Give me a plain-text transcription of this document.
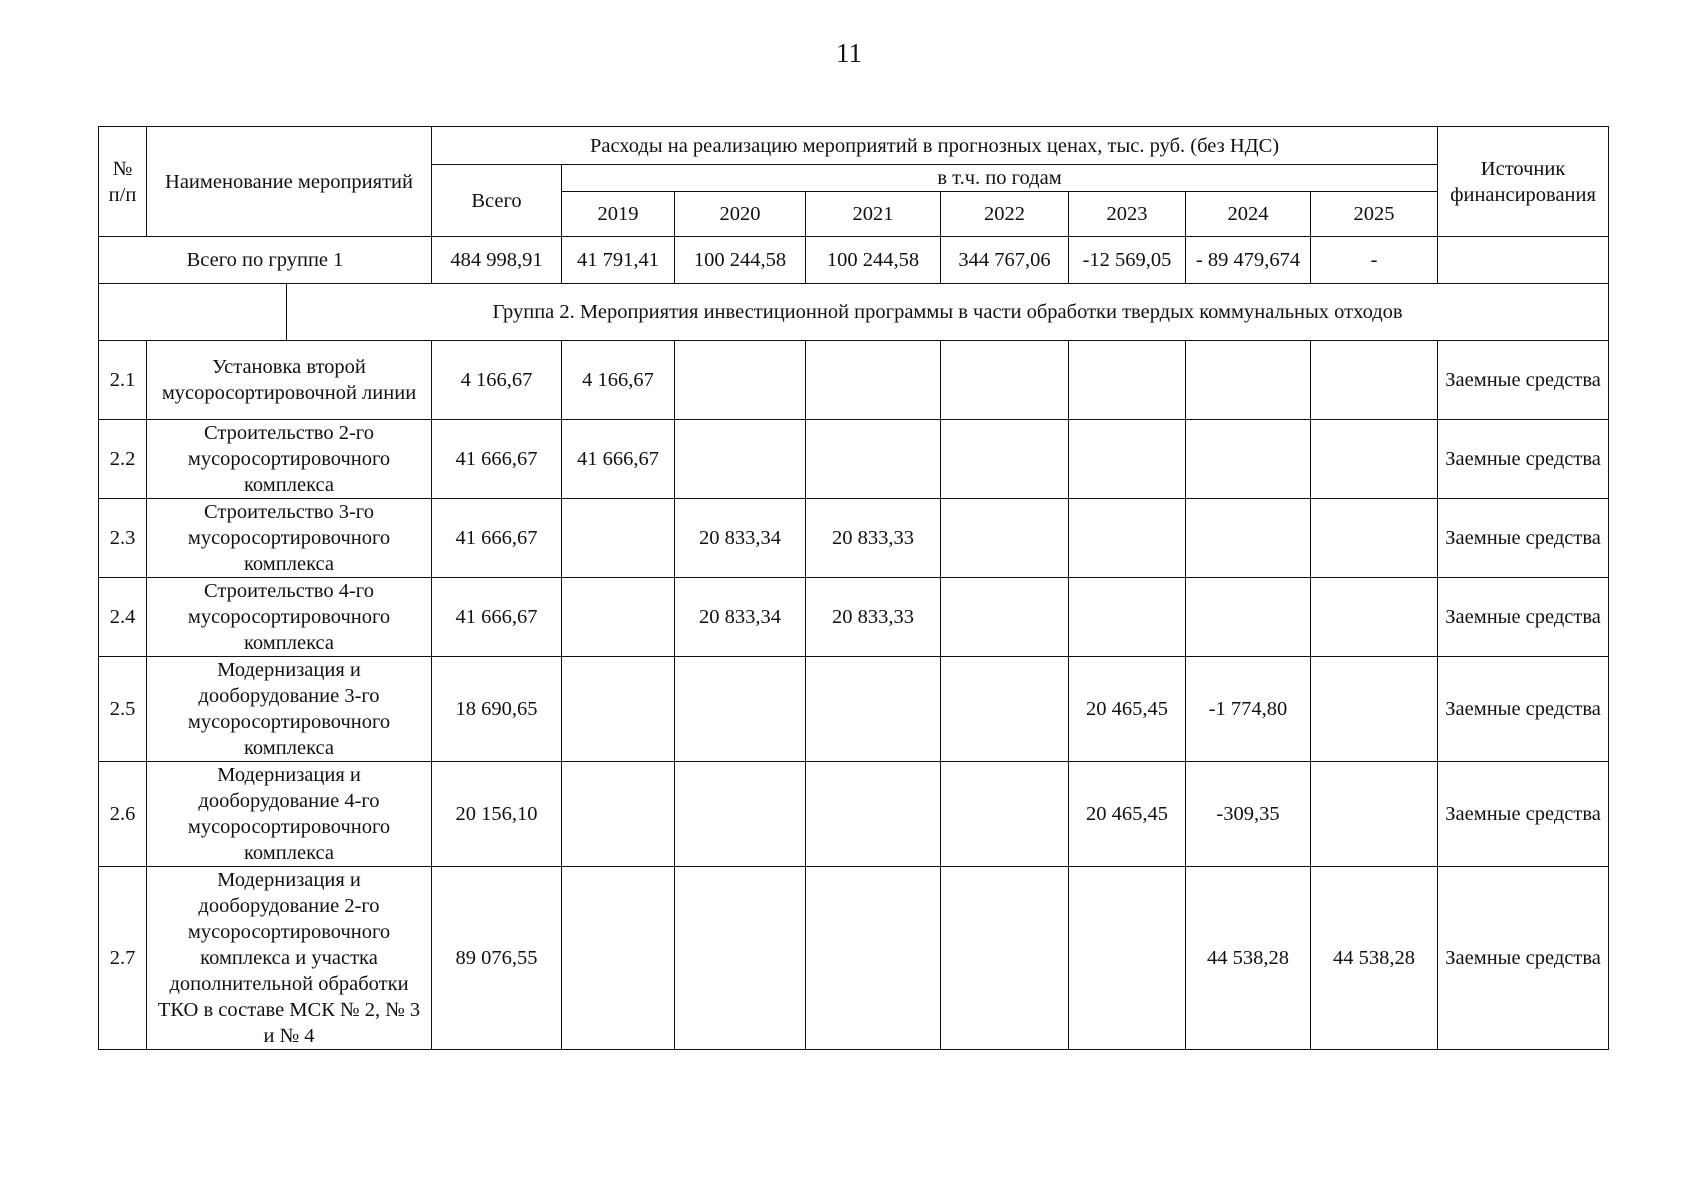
11
№ п/п	Наименование мероприятий	Расходы на реализацию мероприятий в прогнозных ценах, тыс. руб. (без НДС)								Источник финансирования
		Всего	в т.ч. по годам							
			2019	2020	2021	2022	2023	2024	2025	
Всего по группе 1		484 998,91	41 791,41	100 244,58	100 244,58	344 767,06	-12 569,05	- 89 479,674	-	

Группа 2. Мероприятия инвестиционной программы в части обработки твердых коммунальных отходов										

2.1	Установка второй мусоросортировочной линии	4 166,67	4 166,67							Заемные средства
2.2	Строительство 2-го мусоросортировочного комплекса	41 666,67	41 666,67							Заемные средства
2.3	Строительство 3-го мусоросортировочного комплекса	41 666,67		20 833,34	20 833,33					Заемные средства
2.4	Строительство 4-го мусоросортировочного комплекса	41 666,67		20 833,34	20 833,33					Заемные средства
2.5	Модернизация и дооборудование 3-го мусоросортировочного комплекса	18 690,65					20 465,45	-1 774,80		Заемные средства
2.6	Модернизация и дооборудование 4-го мусоросортировочного комплекса	20 156,10					20 465,45	-309,35		Заемные средства
2.7	Модернизация и дооборудование 2-го мусоросортировочного комплекса и участка дополнительной обработки ТКО в составе МСК № 2, № 3 и № 4	89 076,55						44 538,28	44 538,28	Заемные средства
